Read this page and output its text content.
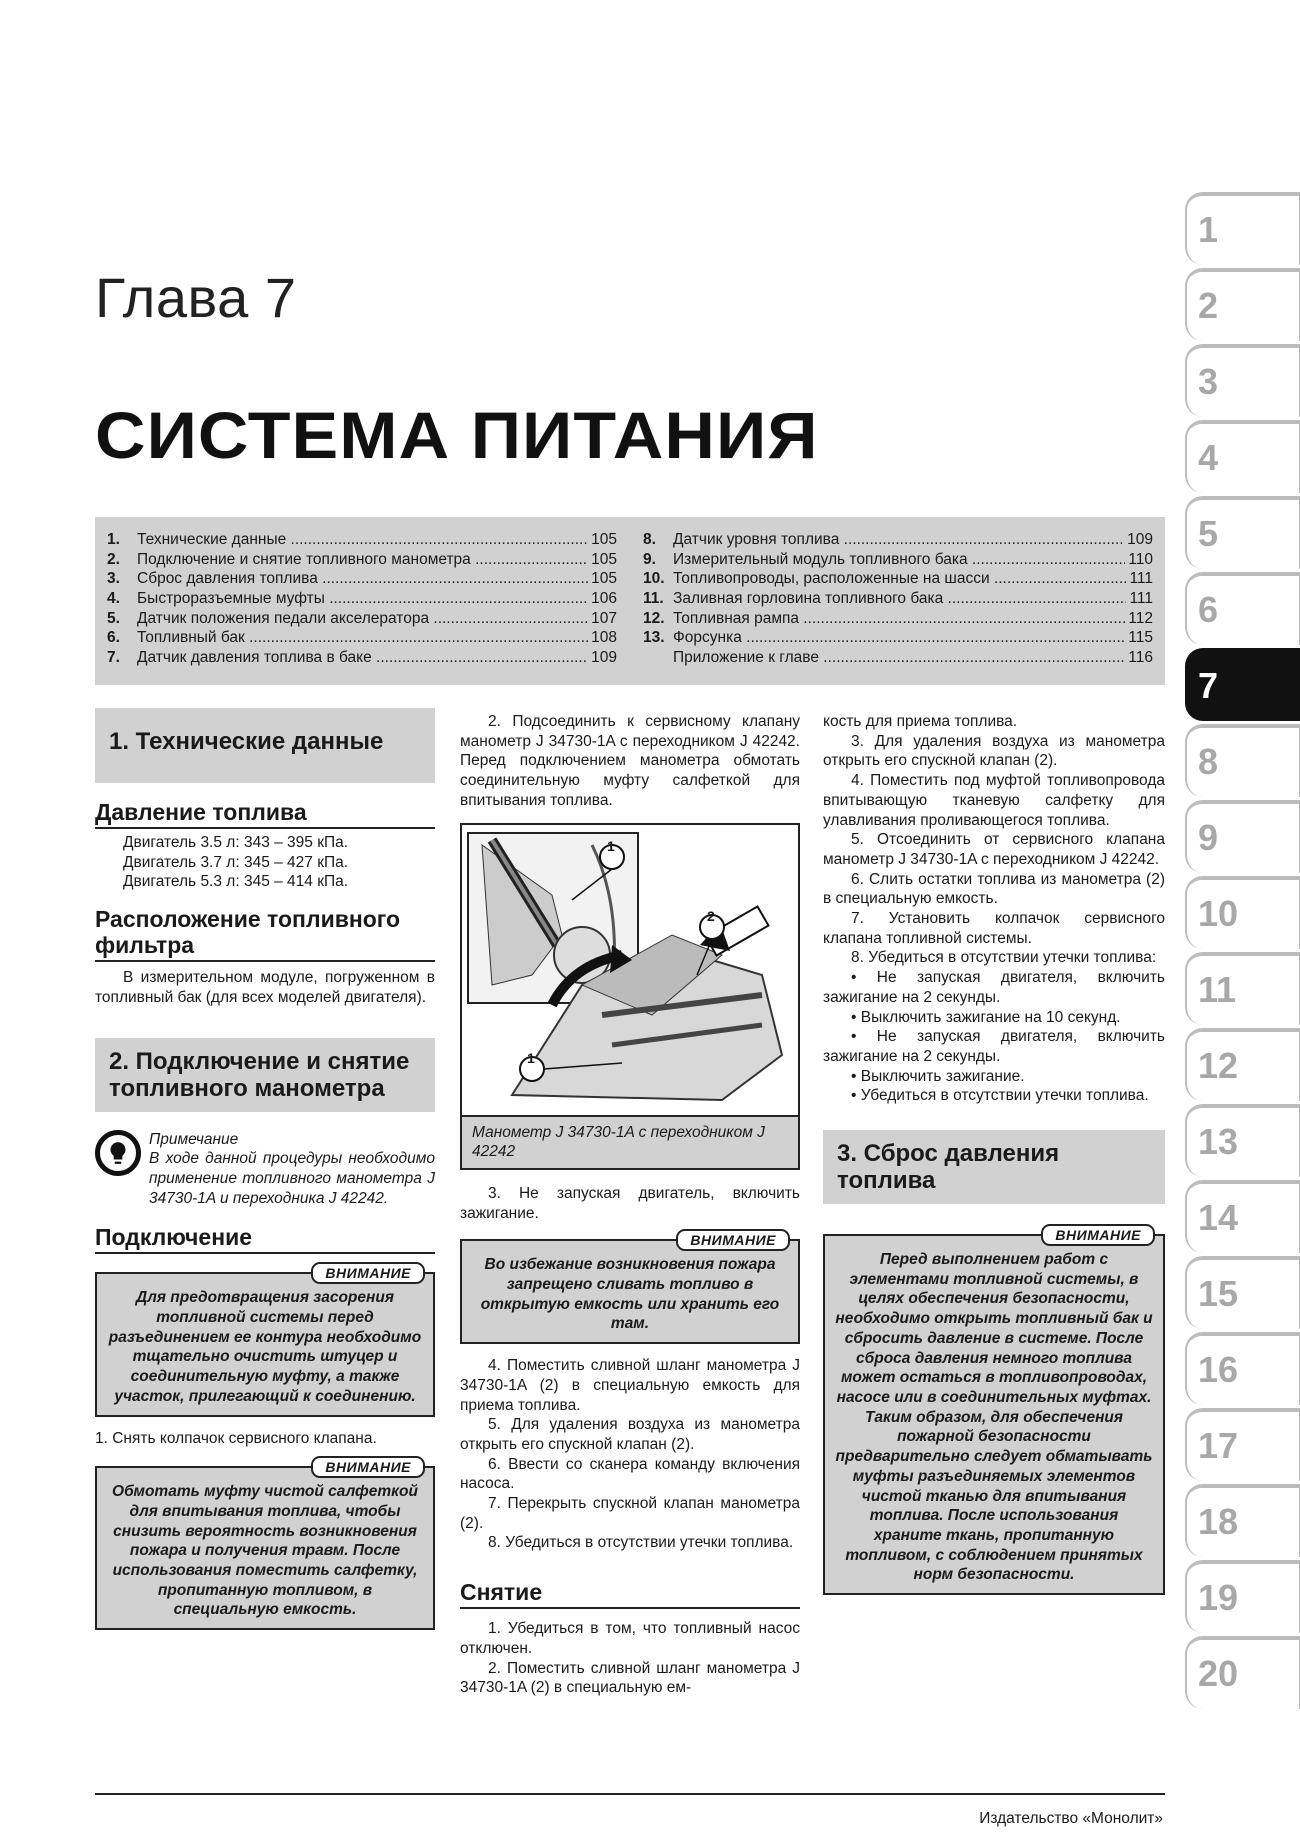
Глава 7
СИСТЕМА ПИТАНИЯ
1.	Технические данные .....	105
2.	Подключение и снятие топливного манометра .....	105
3.	Сброс давления топлива .....	105
4.	Быстроразъемные муфты .....	106
5.	Датчик положения педали акселератора .....	107
6.	Топливный бак .....	108
7.	Датчик давления топлива в баке .....	109
8.	Датчик уровня топлива .....	109
9.	Измерительный модуль топливного бака .....	110
10. Топливопроводы, расположенные на шасси .....	111
11. Заливная горловина топливного бака .....	111
12. Топливная рампа .....	112
13. Форсунка .....	115
Приложение к главе .....	116
1. Технические данные
Давление топлива
Двигатель 3.5 л: 343 – 395 кПа.
Двигатель 3.7 л: 345 – 427 кПа.
Двигатель 5.3 л: 345 – 414 кПа.
Расположение топливного фильтра
В измерительном модуле, погруженном в топливный бак (для всех моделей двигателя).
2. Подключение и снятие топливного манометра
Примечание
В ходе данной процедуры необходимо применение топливного манометра J 34730-1A и переходника J 42242.
Подключение
ВНИМАНИЕ
Для предотвращения засорения топливной системы перед разъединением ее контура необходимо тщательно очистить штуцер и соединительную муфту, а также участок, прилегающий к соединению.
1. Снять колпачок сервисного клапана.
ВНИМАНИЕ
Обмотать муфту чистой салфеткой для впитывания топлива, чтобы снизить вероятность возникновения пожара и получения травм. После использования поместить салфетку, пропитанную топливом, в специальную емкость.
2. Подсоединить к сервисному клапану манометр J 34730-1A с переходником J 42242. Перед подключением манометра обмотать соединительную муфту салфеткой для впитывания топлива.
1
2
1
Манометр J 34730-1A с переходником J 42242
3. Не запуская двигатель, включить зажигание.
ВНИМАНИЕ
Во избежание возникновения пожара запрещено сливать топливо в открытую емкость или хранить его там.
4. Поместить сливной шланг манометра J 34730-1A (2) в специальную емкость для приема топлива.
5. Для удаления воздуха из манометра открыть его спускной клапан (2).
6. Ввести со сканера команду включения насоса.
7. Перекрыть спускной клапан манометра (2).
8. Убедиться в отсутствии утечки топлива.
Снятие
1. Убедиться в том, что топливный насос отключен.
2. Поместить сливной шланг манометра J 34730-1A (2) в специальную ем-
кость для приема топлива.
3. Для удаления воздуха из манометра открыть его спускной клапан (2).
4. Поместить под муфтой топливопровода впитывающую тканевую салфетку для улавливания проливающегося топлива.
5. Отсоединить от сервисного клапана манометр J 34730-1A с переходником J 42242.
6. Слить остатки топлива из манометра (2) в специальную емкость.
7. Установить колпачок сервисного клапана топливной системы.
8. Убедиться в отсутствии утечки топлива:
• Не запуская двигателя, включить зажигание на 2 секунды.
• Выключить зажигание на 10 секунд.
• Не запуская двигателя, включить зажигание на 2 секунды.
• Выключить зажигание.
• Убедиться в отсутствии утечки топлива.
3. Сброс давления топлива
ВНИМАНИЕ
Перед выполнением работ с элементами топливной системы, в целях обеспечения безопасности, необходимо открыть топливный бак и сбросить давление в системе. После сброса давления немного топлива может остаться в топливопроводах, насосе или в соединительных муфтах. Таким образом, для обеспечения пожарной безопасности предварительно следует обматывать муфты разъединяемых элементов чистой тканью для впитывания топлива. После использования храните ткань, пропитанную топливом, с соблюдением принятых норм безопасности.
1
2
3
4
5
6
7
8
9
10
11
12
13
14
15
16
17
18
19
20
Издательство «Монолит»
